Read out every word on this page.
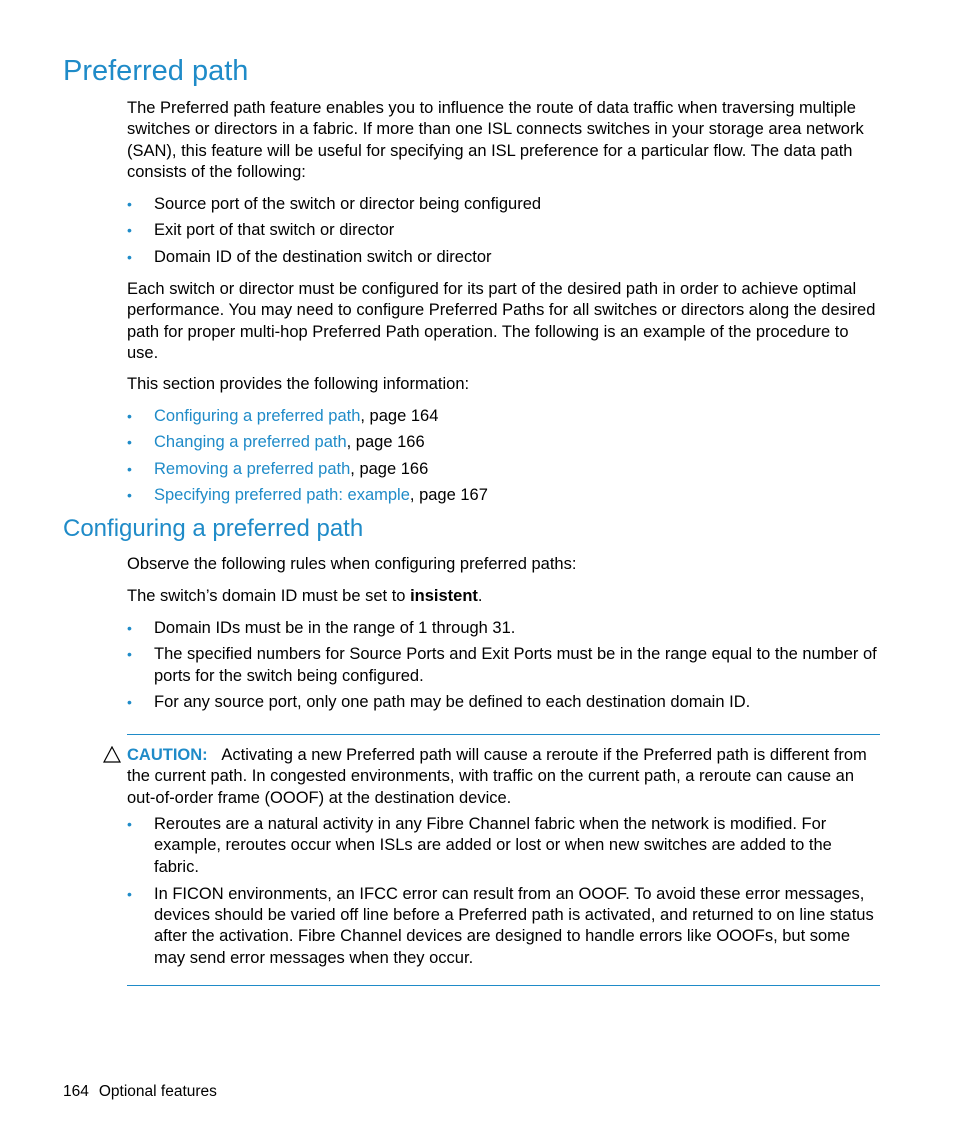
Preferred path

The Preferred path feature enables you to influence the route of data traffic when traversing multiple switches or directors in a fabric. If more than one ISL connects switches in your storage area network (SAN), this feature will be useful for specifying an ISL preference for a particular flow. The data path consists of the following:

• Source port of the switch or director being configured
• Exit port of that switch or director
• Domain ID of the destination switch or director

Each switch or director must be configured for its part of the desired path in order to achieve optimal performance. You may need to configure Preferred Paths for all switches or directors along the desired path for proper multi-hop Preferred Path operation. The following is an example of the procedure to use.

This section provides the following information:

• Configuring a preferred path, page 164
• Changing a preferred path, page 166
• Removing a preferred path, page 166
• Specifying preferred path: example, page 167
Configuring a preferred path

Observe the following rules when configuring preferred paths:

The switch’s domain ID must be set to insistent.

• Domain IDs must be in the range of 1 through 31.
• The specified numbers for Source Ports and Exit Ports must be in the range equal to the number of ports for the switch being configured.
• For any source port, only one path may be defined to each destination domain ID.

CAUTION: Activating a new Preferred path will cause a reroute if the Preferred path is different from the current path. In congested environments, with traffic on the current path, a reroute can cause an out-of-order frame (OOOF) at the destination device.

• Reroutes are a natural activity in any Fibre Channel fabric when the network is modified. For example, reroutes occur when ISLs are added or lost or when new switches are added to the fabric.
• In FICON environments, an IFCC error can result from an OOOF. To avoid these error messages, devices should be varied off line before a Preferred path is activated, and returned to on line status after the activation. Fibre Channel devices are designed to handle errors like OOOFs, but some may send error messages when they occur.
164 Optional features
